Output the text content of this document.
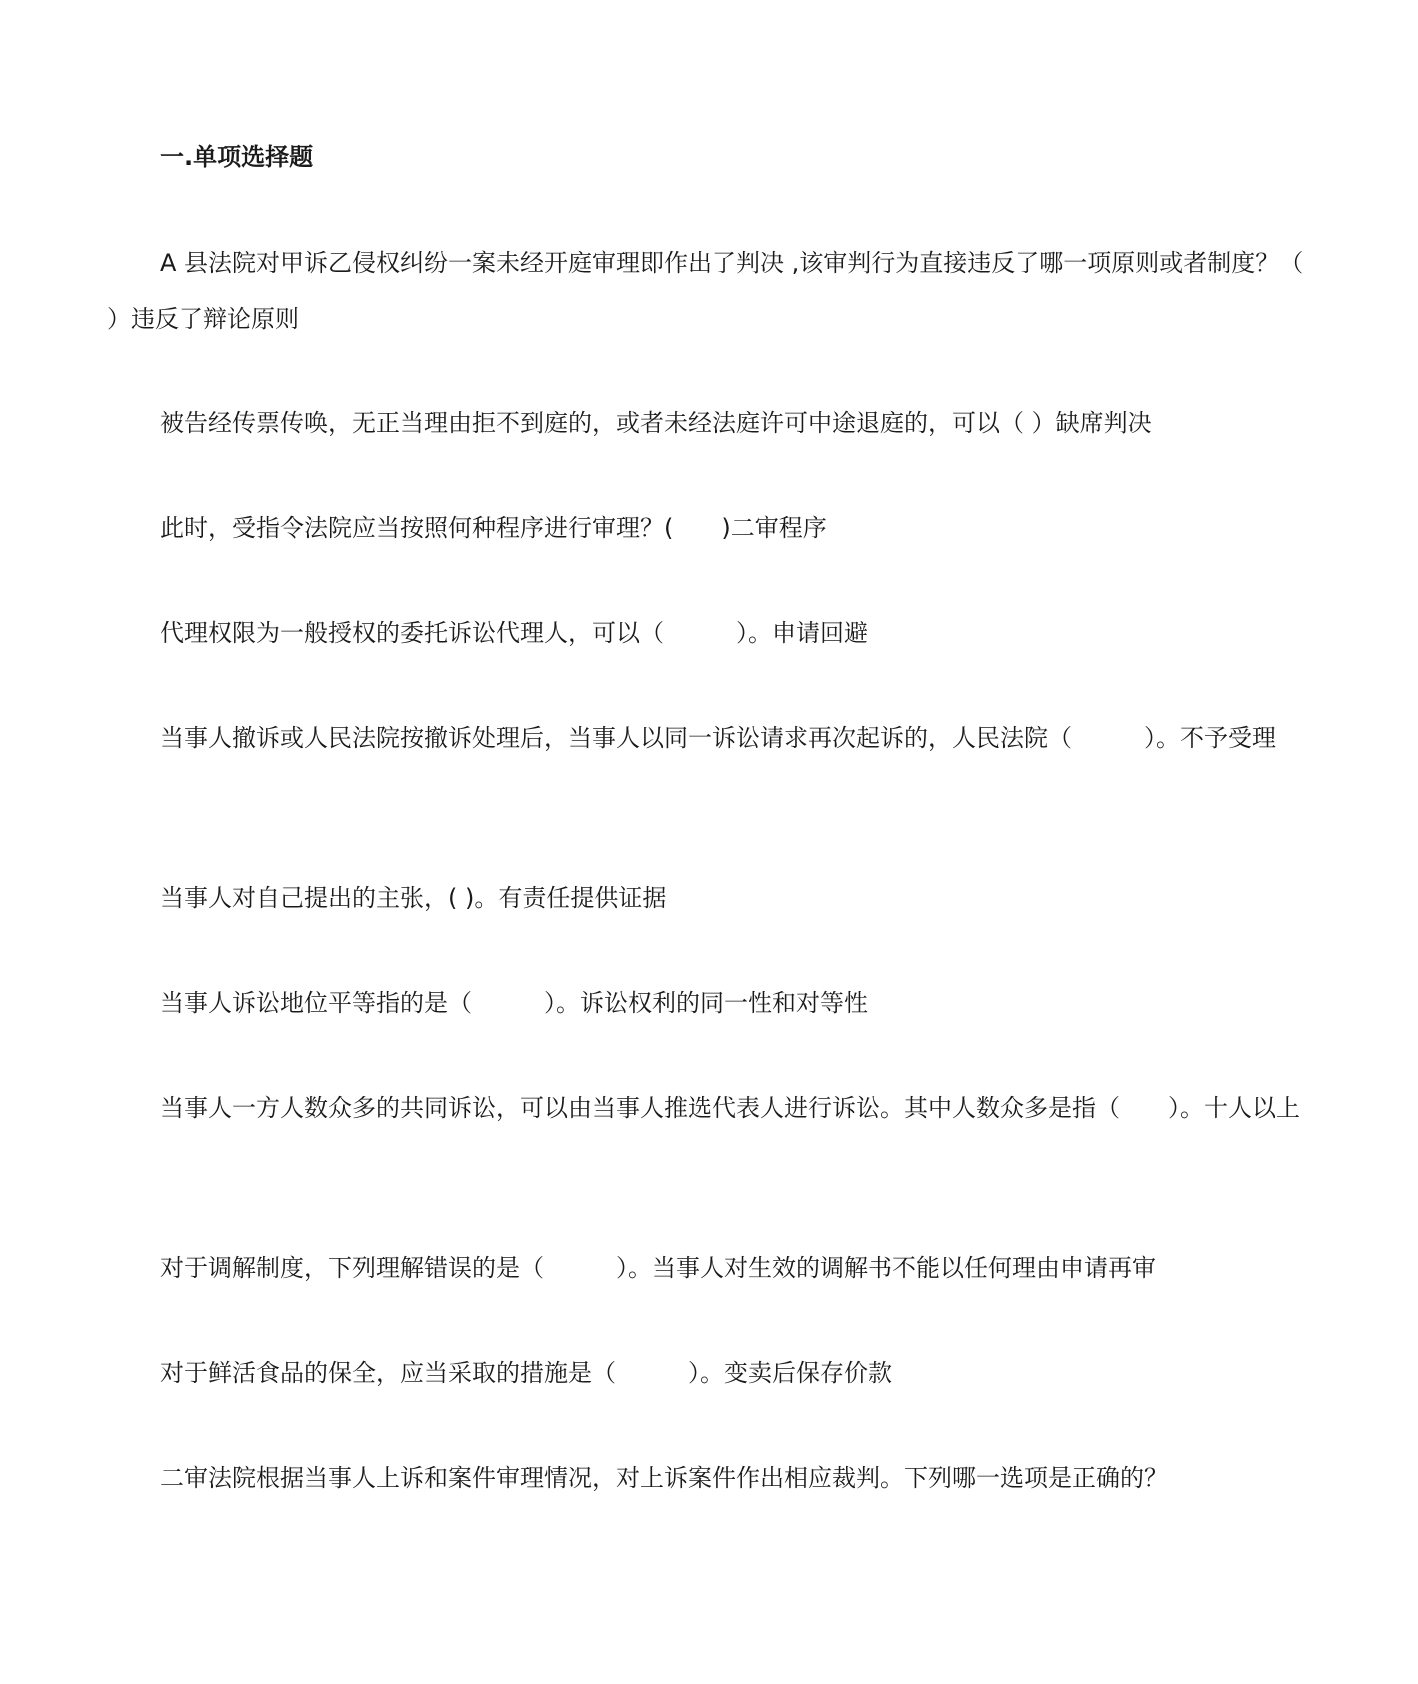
一.单项选择题
A 县法院对甲诉乙侵权纠纷一案未经开庭审理即作出了判决 ,该审判行为直接违反了哪一项原则或者制度？（　　）违反了辩论原则
被告经传票传唤，无正当理由拒不到庭的，或者未经法庭许可中途退庭的，可以（ ）缺席判决
此时，受指令法院应当按照何种程序进行审理？(　　)二审程序
代理权限为一般授权的委托诉讼代理人，可以（　　　）。申请回避
当事人撤诉或人民法院按撤诉处理后，当事人以同一诉讼请求再次起诉的，人民法院（　　　）。不予受理
当事人对自己提出的主张，( )。有责任提供证据
当事人诉讼地位平等指的是（　　　）。诉讼权利的同一性和对等性
当事人一方人数众多的共同诉讼，可以由当事人推选代表人进行诉讼。其中人数众多是指（　　）。十人以上
对于调解制度，下列理解错误的是（　　　）。当事人对生效的调解书不能以任何理由申请再审
对于鲜活食品的保全，应当采取的措施是（　　　）。变卖后保存价款
二审法院根据当事人上诉和案件审理情况，对上诉案件作出相应裁判。下列哪一选项是正确的？
